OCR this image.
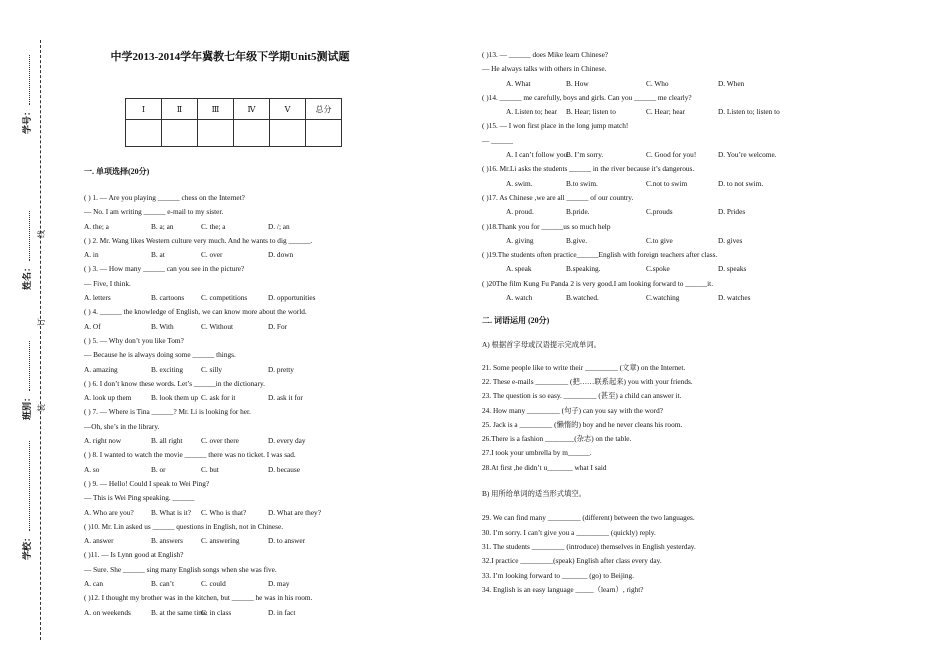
学号：
姓名：
班别：
学校：
线
订
装
中学2013-2014学年冀教七年级下学期Unit5测试题
Ⅰ	Ⅱ	Ⅲ	Ⅳ	Ⅴ	总分

一. 单项选择(20分)
( ) 1. — Are you playing ______ chess on the Internet?
— No. I am writing ______ e-mail to my sister.
A. the; a	B. a; an	C. the; a	D. /; an
( ) 2. Mr. Wang likes Western culture very much. And he wants to dig ______.
A. in	B. at	C. over	D. down
( ) 3. — How many ______ can you see in the picture?
— Five, I think.
A. letters	B. cartoons C. competitions	D. opportunities
( ) 4. ______ the knowledge of English, we can know more about the world.
A. Of	B. With	C. Without	D. For
( ) 5. — Why don’t you like Tom?
— Because he is always doing some ______ things.
A. amazing	B. exciting C. silly	D. pretty
( ) 6. I don’t know these words. Let’s ______in the dictionary.
A. look up them	B. look them up C. ask for it	D. ask it for
( ) 7. — Where is Tina ______? Mr. Li is looking for her.
—Oh, she’s in the library.
A. right now	B. all right	C. over there	D. every day
( ) 8. I wanted to watch the movie ______ there was no ticket. I was sad.
A. so	B. or	C. but	D. because
( ) 9. — Hello! Could I speak to Wei Ping?
— This is Wei Ping speaking. ______
A. Who are you? B. What is it? C. Who is that?	D. What are they?
( )10. Mr. Lin asked us ______ questions in English, not in Chinese.
A. answer	B. answers C. answering	D. to answer
( )11. — Is Lynn good at English?
— Sure. She ______ sing many English songs when she was five.
A. can	B. can’t	C. could	D. may
( )12. I thought my brother was in the kitchen, but ______ he was in his room.
A. on weekends	B. at the same time
C. in class	D. in fact
( )13. — ______ does Mike learn Chinese?
— He always talks with others in Chinese.
A. What	B. How	C. Who	D. When
( )14. ______ me carefully, boys and girls. Can you ______ me clearly?
A. Listen to; hear B. Hear; listen to	C. Hear; hear	D. Listen to; listen to
( )15. — I won first place in the long jump match!
— ______
A. I can’t follow you.
B. I’m sorry.	C. Good for you!	D. You’re welcome.
( )16. Mr.Li asks the students ______ in the river because it’s dangerous.
A. swim.	B.to swim.	C.not to swim	D. to not swim.
( )17. As Chinese ,we are all ______ of our country.
A. proud.	B.pride.	C.prouds	D. Prides
( )18.Thank you for ______us so much help
A. giving	B.give.	C.to give	D. gives
( )19.The students often practice______English with foreign teachers after class.
A. speak	B.speaking.	C.spoke	D. speaks
( )20The film Kung Fu Panda 2 is very good.I am looking forward to ______it.
A. watch	B.watched.	C.watching	D. watches
二. 词语运用 (20分)
A) 根据首字母或汉语提示完成单词。
21. Some people like to write their _________ (文章) on the Internet.
22. These e-mails _________ (把……联系起来) you with your friends.
23. The question is so easy. _________ (甚至) a child can answer it.
24. How many _________ (句子) can you say with the word?
25. Jack is a _________ (懒惰的) boy and he never cleans his room.
26.There is a fashion ________(杂志) on the table.
27.I took your umbrella by m______.
28.At first ,he didn’t u_______ what I said
B) 用所给单词的适当形式填空。
29. We can find many _________ (different) between the two languages.
30. I’m sorry. I can’t give you a _________ (quickly) reply.
31. The students _________ (introduce) themselves in English yesterday.
32.I practice _________(speak) English after class every day.
33. I’m looking forward to _______ (go) to Beijing.
34. English is an easy language _____（learn）, right?
